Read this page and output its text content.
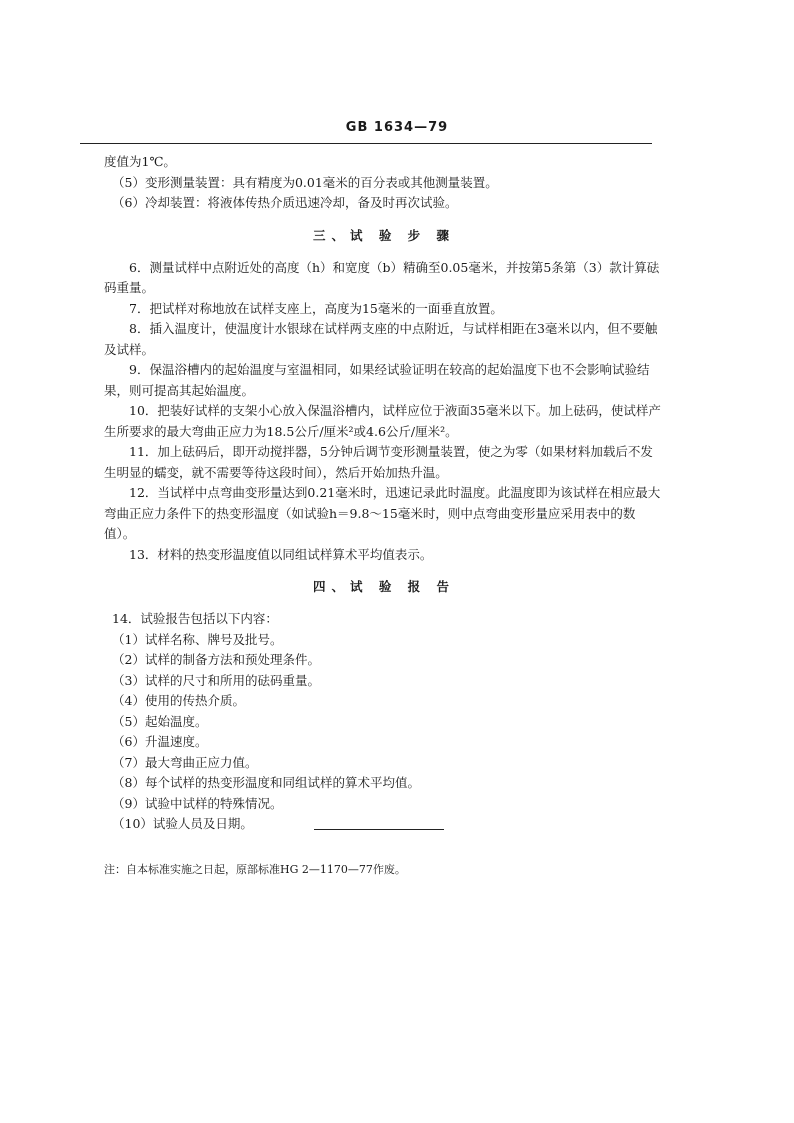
GB 1634—79

度值为1℃。

（5）变形测量装置：具有精度为0.01毫米的百分表或其他测量装置。

（6）冷却装置：将液体传热介质迅速冷却，备及时再次试验。

三、试 验 步 骤

6．测量试样中点附近处的高度（h）和宽度（b）精确至0.05毫米，并按第5条第（3）款计算砝码重量。

7．把试样对称地放在试样支座上，高度为15毫米的一面垂直放置。

8．插入温度计，使温度计水银球在试样两支座的中点附近，与试样相距在3毫米以内，但不要触及试样。

9．保温浴槽内的起始温度与室温相同，如果经试验证明在较高的起始温度下也不会影响试验结果，则可提高其起始温度。

10．把装好试样的支架小心放入保温浴槽内，试样应位于液面35毫米以下。加上砝码，使试样产生所要求的最大弯曲正应力为18.5公斤/厘米²或4.6公斤/厘米²。

11．加上砝码后，即开动搅拌器，5分钟后调节变形测量装置，使之为零（如果材料加载后不发生明显的蠕变，就不需要等待这段时间），然后开始加热升温。

12．当试样中点弯曲变形量达到0.21毫米时，迅速记录此时温度。此温度即为该试样在相应最大弯曲正应力条件下的热变形温度（如试验h＝9.8～15毫米时，则中点弯曲变形量应采用表中的数值）。

13．材料的热变形温度值以同组试样算术平均值表示。

四、试 验 报 告

14．试验报告包括以下内容：

（1）试样名称、牌号及批号。

（2）试样的制备方法和预处理条件。

（3）试样的尺寸和所用的砝码重量。

（4）使用的传热介质。

（5）起始温度。

（6）升温速度。

（7）最大弯曲正应力值。

（8）每个试样的热变形温度和同组试样的算术平均值。

（9）试验中试样的特殊情况。

（10）试验人员及日期。

注：自本标准实施之日起，原部标准HG 2—1170—77作废。
